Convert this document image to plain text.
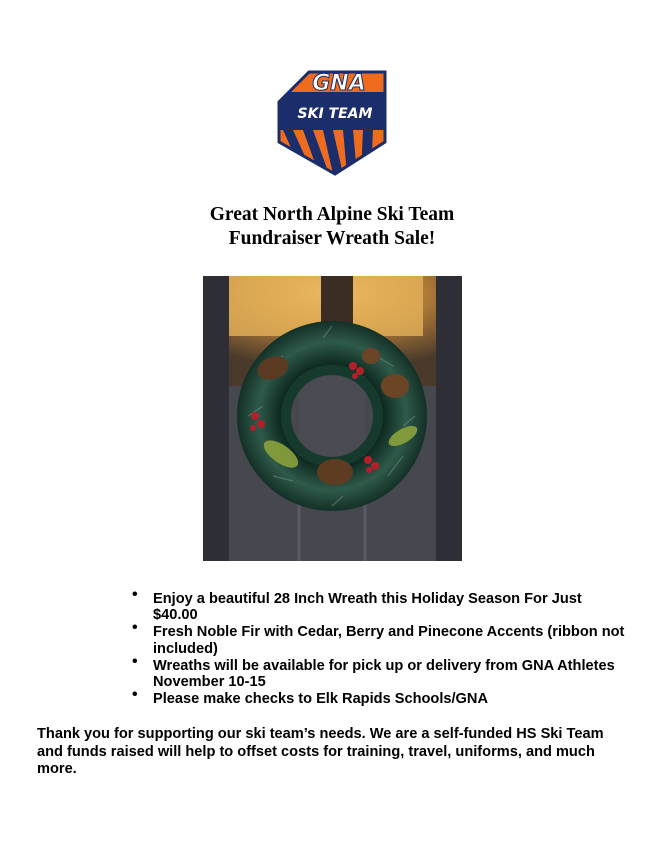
GNA
SKI TEAM
Great North Alpine Ski Team
Fundraiser Wreath Sale!
• Enjoy a beautiful 28 Inch Wreath this Holiday Season For Just $40.00
• Fresh Noble Fir with Cedar, Berry and Pinecone Accents (ribbon not included)
• Wreaths will be available for pick up or delivery from GNA Athletes November 10-15
• Please make checks to Elk Rapids Schools/GNA

Thank you for supporting our ski team’s needs. We are a self-funded HS Ski Team and funds raised will help to offset costs for training, travel, uniforms, and much more.
